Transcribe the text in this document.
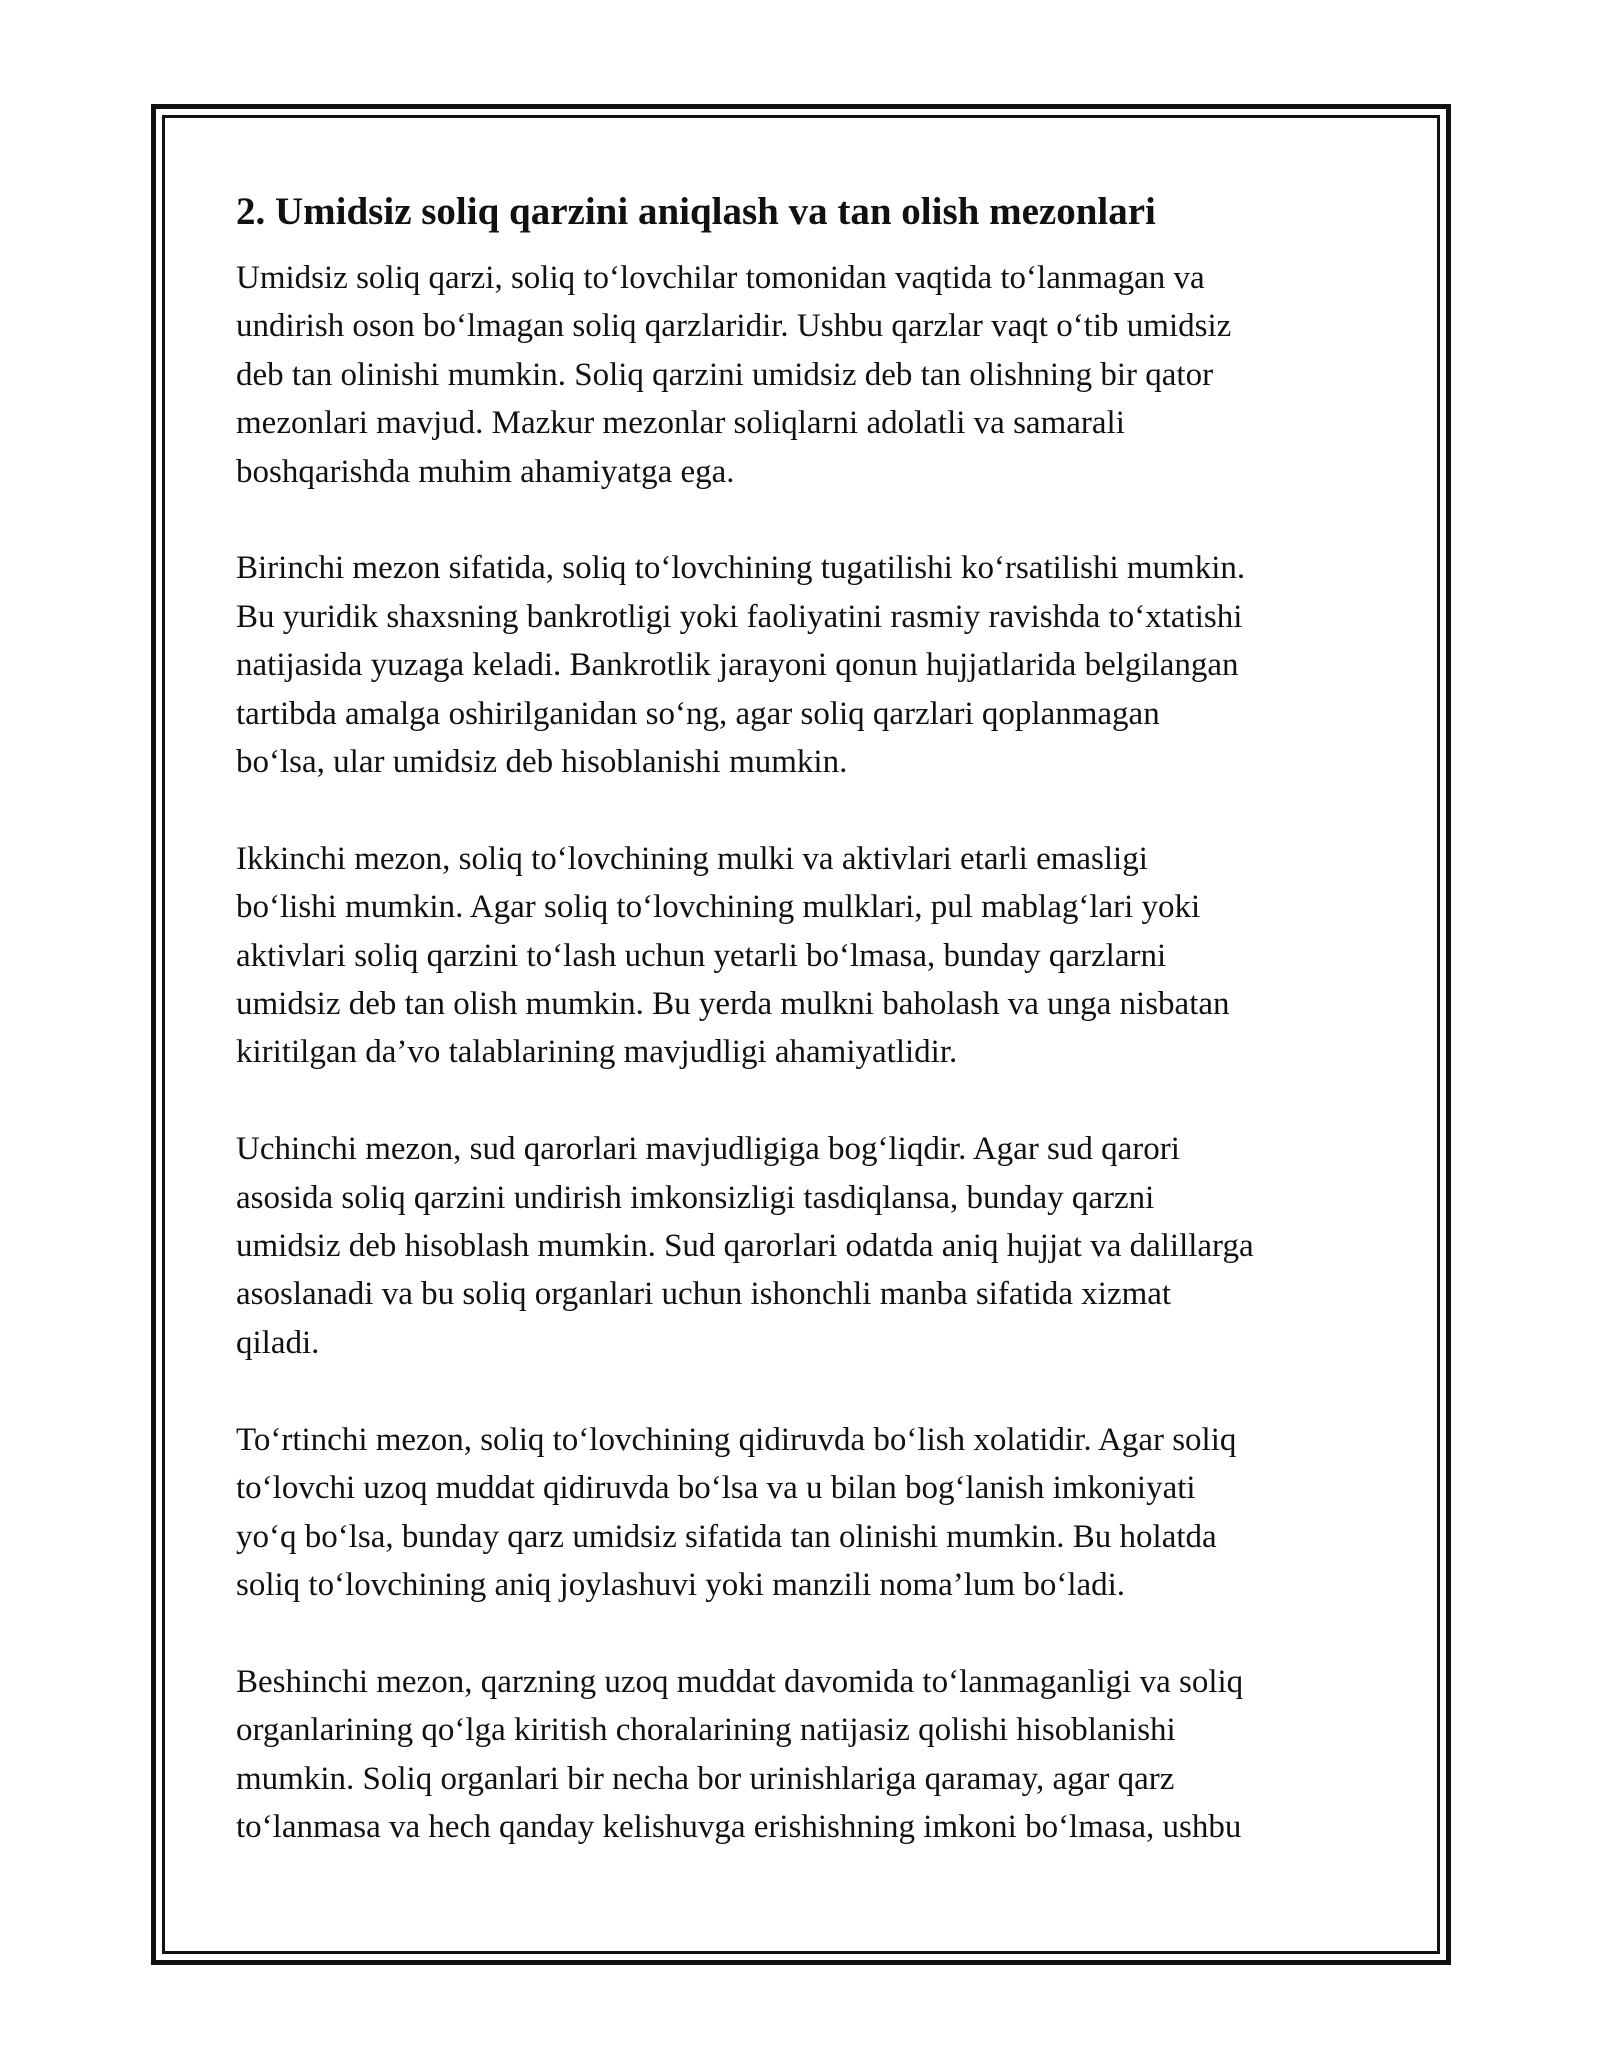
2. Umidsiz soliq qarzini aniqlash va tan olish mezonlari
Umidsiz soliq qarzi, soliq to‘lovchilar tomonidan vaqtida to‘lanmagan va
undirish oson bo‘lmagan soliq qarzlaridir. Ushbu qarzlar vaqt o‘tib umidsiz
deb tan olinishi mumkin. Soliq qarzini umidsiz deb tan olishning bir qator
mezonlari mavjud. Mazkur mezonlar soliqlarni adolatli va samarali
boshqarishda muhim ahamiyatga ega.
Birinchi mezon sifatida, soliq to‘lovchining tugatilishi ko‘rsatilishi mumkin.
Bu yuridik shaxsning bankrotligi yoki faoliyatini rasmiy ravishda to‘xtatishi
natijasida yuzaga keladi. Bankrotlik jarayoni qonun hujjatlarida belgilangan
tartibda amalga oshirilganidan so‘ng, agar soliq qarzlari qoplanmagan
bo‘lsa, ular umidsiz deb hisoblanishi mumkin.
Ikkinchi mezon, soliq to‘lovchining mulki va aktivlari etarli emasligi
bo‘lishi mumkin. Agar soliq to‘lovchining mulklari, pul mablag‘lari yoki
aktivlari soliq qarzini to‘lash uchun yetarli bo‘lmasa, bunday qarzlarni
umidsiz deb tan olish mumkin. Bu yerda mulkni baholash va unga nisbatan
kiritilgan da’vo talablarining mavjudligi ahamiyatlidir.
Uchinchi mezon, sud qarorlari mavjudligiga bog‘liqdir. Agar sud qarori
asosida soliq qarzini undirish imkonsizligi tasdiqlansa, bunday qarzni
umidsiz deb hisoblash mumkin. Sud qarorlari odatda aniq hujjat va dalillarga
asoslanadi va bu soliq organlari uchun ishonchli manba sifatida xizmat
qiladi.
To‘rtinchi mezon, soliq to‘lovchining qidiruvda bo‘lish xolatidir. Agar soliq
to‘lovchi uzoq muddat qidiruvda bo‘lsa va u bilan bog‘lanish imkoniyati
yo‘q bo‘lsa, bunday qarz umidsiz sifatida tan olinishi mumkin. Bu holatda
soliq to‘lovchining aniq joylashuvi yoki manzili noma’lum bo‘ladi.
Beshinchi mezon, qarzning uzoq muddat davomida to‘lanmaganligi va soliq
organlarining qo‘lga kiritish choralarining natijasiz qolishi hisoblanishi
mumkin. Soliq organlari bir necha bor urinishlariga qaramay, agar qarz
to‘lanmasa va hech qanday kelishuvga erishishning imkoni bo‘lmasa, ushbu
